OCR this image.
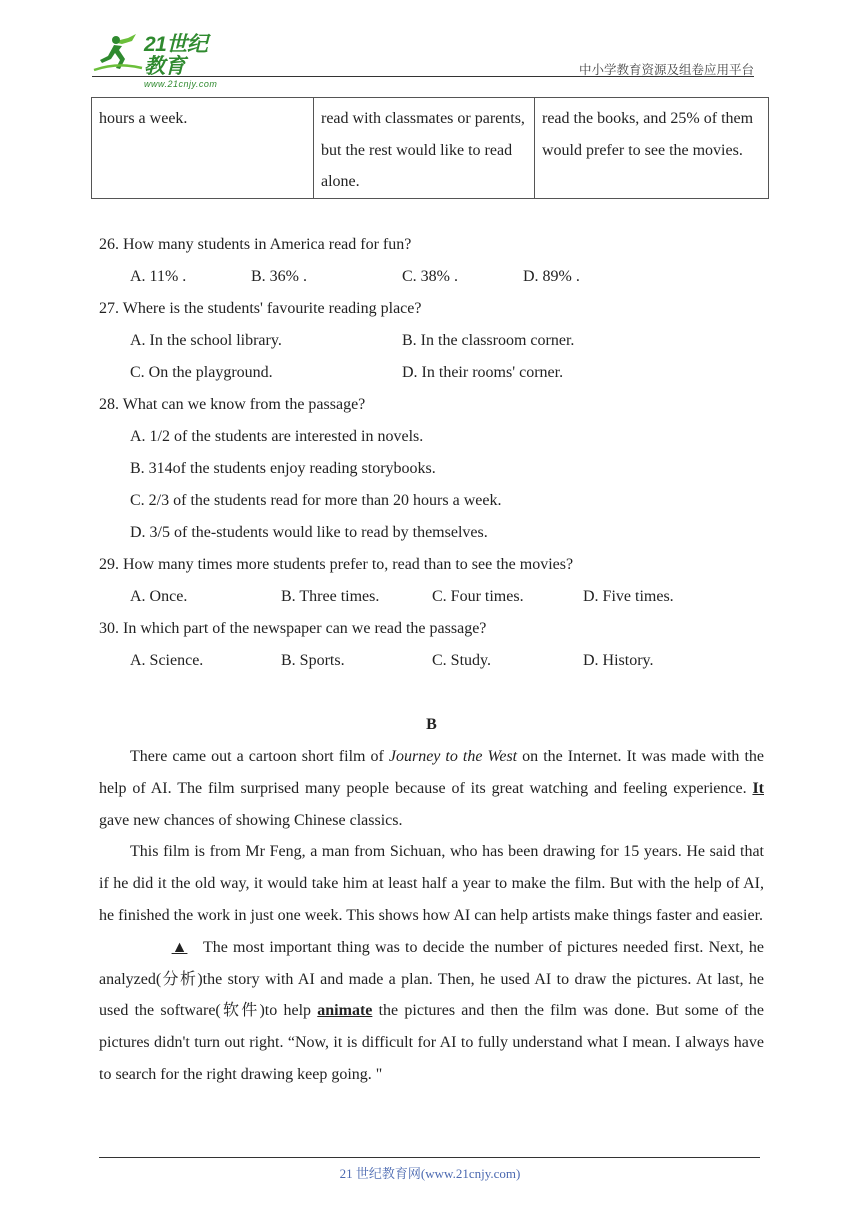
21世纪教育
www.21cnjy.com
中小学教育资源及组卷应用平台
hours a week.	read with classmates or parents, but the rest would like to read alone.	read the books, and 25% of them would prefer to see the movies.
26. How many students in America read for fun?
A. 11% .	B. 36% .	C. 38% .	D. 89% .
27. Where is the students' favourite reading place?
A. In the school library.	B. In the classroom corner.
C. On the playground.	D. In their rooms' corner.
28. What can we know from the passage?
A. 1/2 of the students are interested in novels.
B. 314of the students enjoy reading storybooks.
C. 2/3 of the students read for more than 20 hours a week.
D. 3/5 of the-students would like to read by themselves.
29. How many times more students prefer to, read than to see the movies?
A. Once.	B. Three times.	C. Four times.	D. Five times.
30. In which part of the newspaper can we read the passage?
A. Science.	B. Sports.	C. Study.	D. History.
B

There came out a cartoon short film of Journey to the West on the Internet. It was made with the help of AI. The film surprised many people because of its great watching and feeling experience. It gave new chances of showing Chinese classics.

This film is from Mr Feng, a man from Sichuan, who has been drawing for 15 years. He said that if he did it the old way, it would take him at least half a year to make the film. But with the help of AI, he finished the work in just one week. This shows how AI can help artists make things faster and easier.

▲ The most important thing was to decide the number of pictures needed first. Next, he analyzed(分析)the story with AI and made a plan. Then, he used AI to draw the pictures. At last, he used the software(软件)to help animate the pictures and then the film was done. But some of the pictures didn't turn out right. “Now, it is difficult for AI to fully understand what I mean. I always have to search for the right drawing keep going. "

21 世纪教育网(www.21cnjy.com)
